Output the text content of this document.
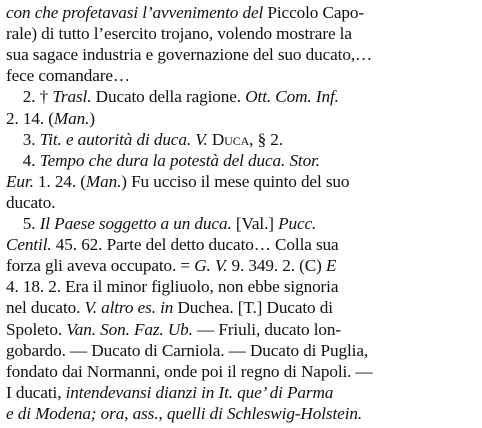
con che profetavasi l’avvenimento del Piccolo Capo-
rale) di tutto l’esercito trojano, volendo mostrare la
sua sagace industria e governazione del suo ducato,…
fece comandare…
2. † Trasl. Ducato della ragione. Ott. Com. Inf.
2. 14. (Man.)
3. Tit. e autorità di duca. V. Duca, § 2.
4. Tempo che dura la potestà del duca. Stor.
Eur. 1. 24. (Man.) Fu ucciso il mese quinto del suo
ducato.
5. Il Paese soggetto a un duca. [Val.] Pucc.
Centil. 45. 62. Parte del detto ducato… Colla sua
forza gli aveva occupato. = G. V. 9. 349. 2. (C) E
4. 18. 2. Era il minor figliuolo, non ebbe signoria
nel ducato. V. altro es. in Duchea. [T.] Ducato di
Spoleto. Van. Son. Faz. Ub. — Friuli, ducato lon-
gobardo. — Ducato di Carniola. — Ducato di Puglia,
fondato dai Normanni, onde poi il regno di Napoli. —
I ducati, intendevansi dianzi in It. que’ di Parma
e di Modena; ora, ass., quelli di Schleswig-Holstein.
